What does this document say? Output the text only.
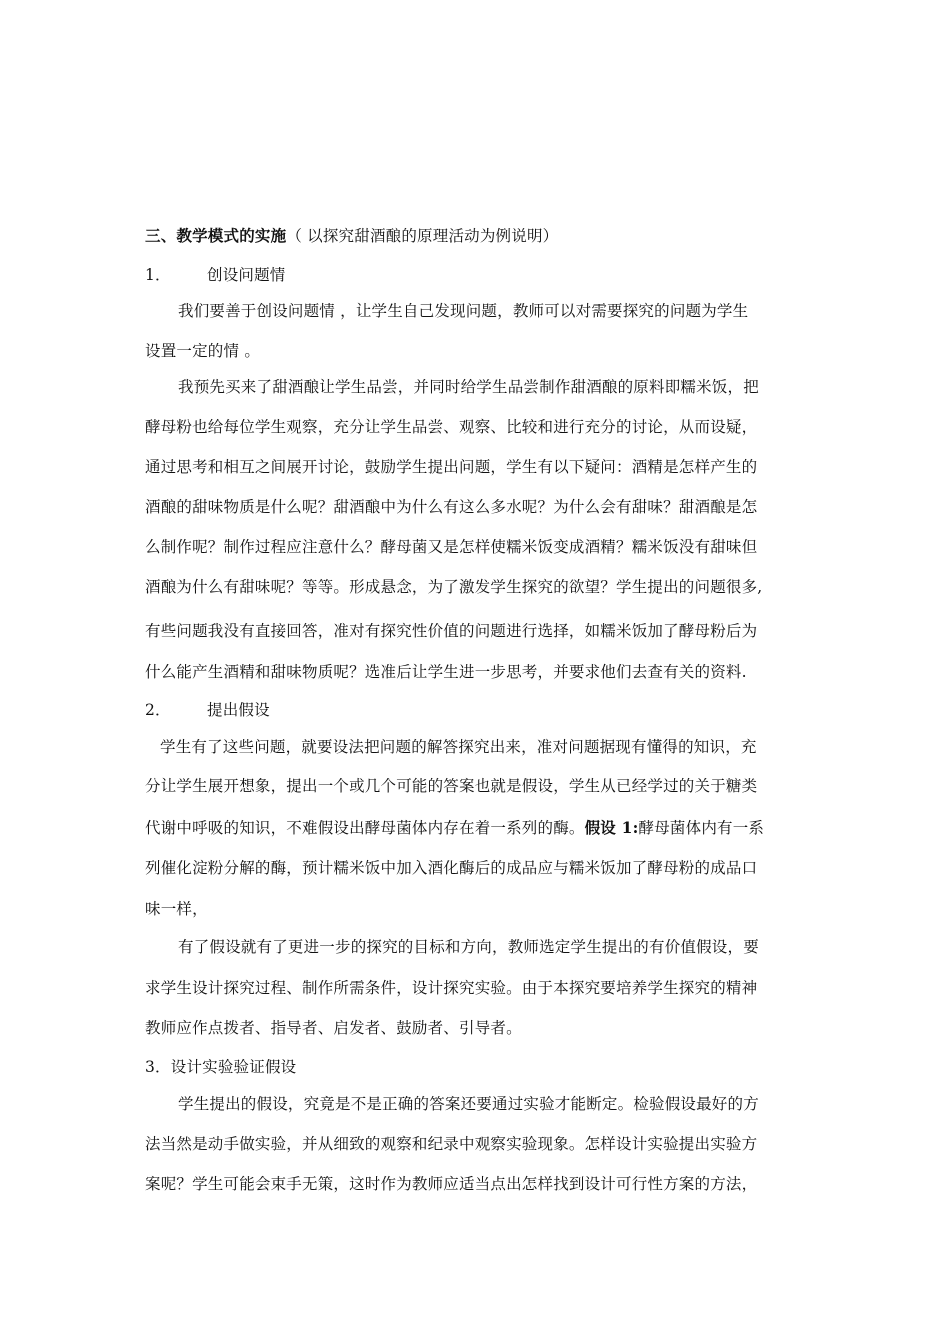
三、教学模式的实施（ 以探究甜酒酿的原理活动为例说明）
1． 创设问题情
我们要善于创设问题情 ，让学生自己发现问题，教师可以对需要探究的问题为学生
设置一定的情 。
我预先买来了甜酒酿让学生品尝，并同时给学生品尝制作甜酒酿的原料即糯米饭，把
酵母粉也给每位学生观察，充分让学生品尝、观察、比较和进行充分的讨论，从而设疑，
通过思考和相互之间展开讨论，鼓励学生提出问题，学生有以下疑问：酒精是怎样产生的
酒酿的甜味物质是什么呢？甜酒酿中为什么有这么多水呢？为什么会有甜味？甜酒酿是怎
么制作呢？制作过程应注意什么？酵母菌又是怎样使糯米饭变成酒精？糯米饭没有甜味但
酒酿为什么有甜味呢？等等。形成悬念，为了激发学生探究的欲望？学生提出的问题很多,
有些问题我没有直接回答，准对有探究性价值的问题进行选择，如糯米饭加了酵母粉后为
什么能产生酒精和甜味物质呢？选准后让学生进一步思考，并要求他们去查有关的资料.
2． 提出假设
学生有了这些问题，就要设法把问题的解答探究出来，准对问题据现有懂得的知识，充
分让学生展开想象，提出一个或几个可能的答案也就是假设，学生从已经学过的关于糖类
代谢中呼吸的知识，不难假设出酵母菌体内存在着一系列的酶。假设 1:酵母菌体内有一系
列催化淀粉分解的酶，预计糯米饭中加入酒化酶后的成品应与糯米饭加了酵母粉的成品口
味一样，
有了假设就有了更进一步的探究的目标和方向，教师选定学生提出的有价值假设，要
求学生设计探究过程、制作所需条件，设计探究实验。由于本探究要培养学生探究的精神
教师应作点拨者、指导者、启发者、鼓励者、引导者。
3．设计实验验证假设
学生提出的假设，究竟是不是正确的答案还要通过实验才能断定。检验假设最好的方
法当然是动手做实验，并从细致的观察和纪录中观察实验现象。怎样设计实验提出实验方
案呢？学生可能会束手无策，这时作为教师应适当点出怎样找到设计可行性方案的方法，
